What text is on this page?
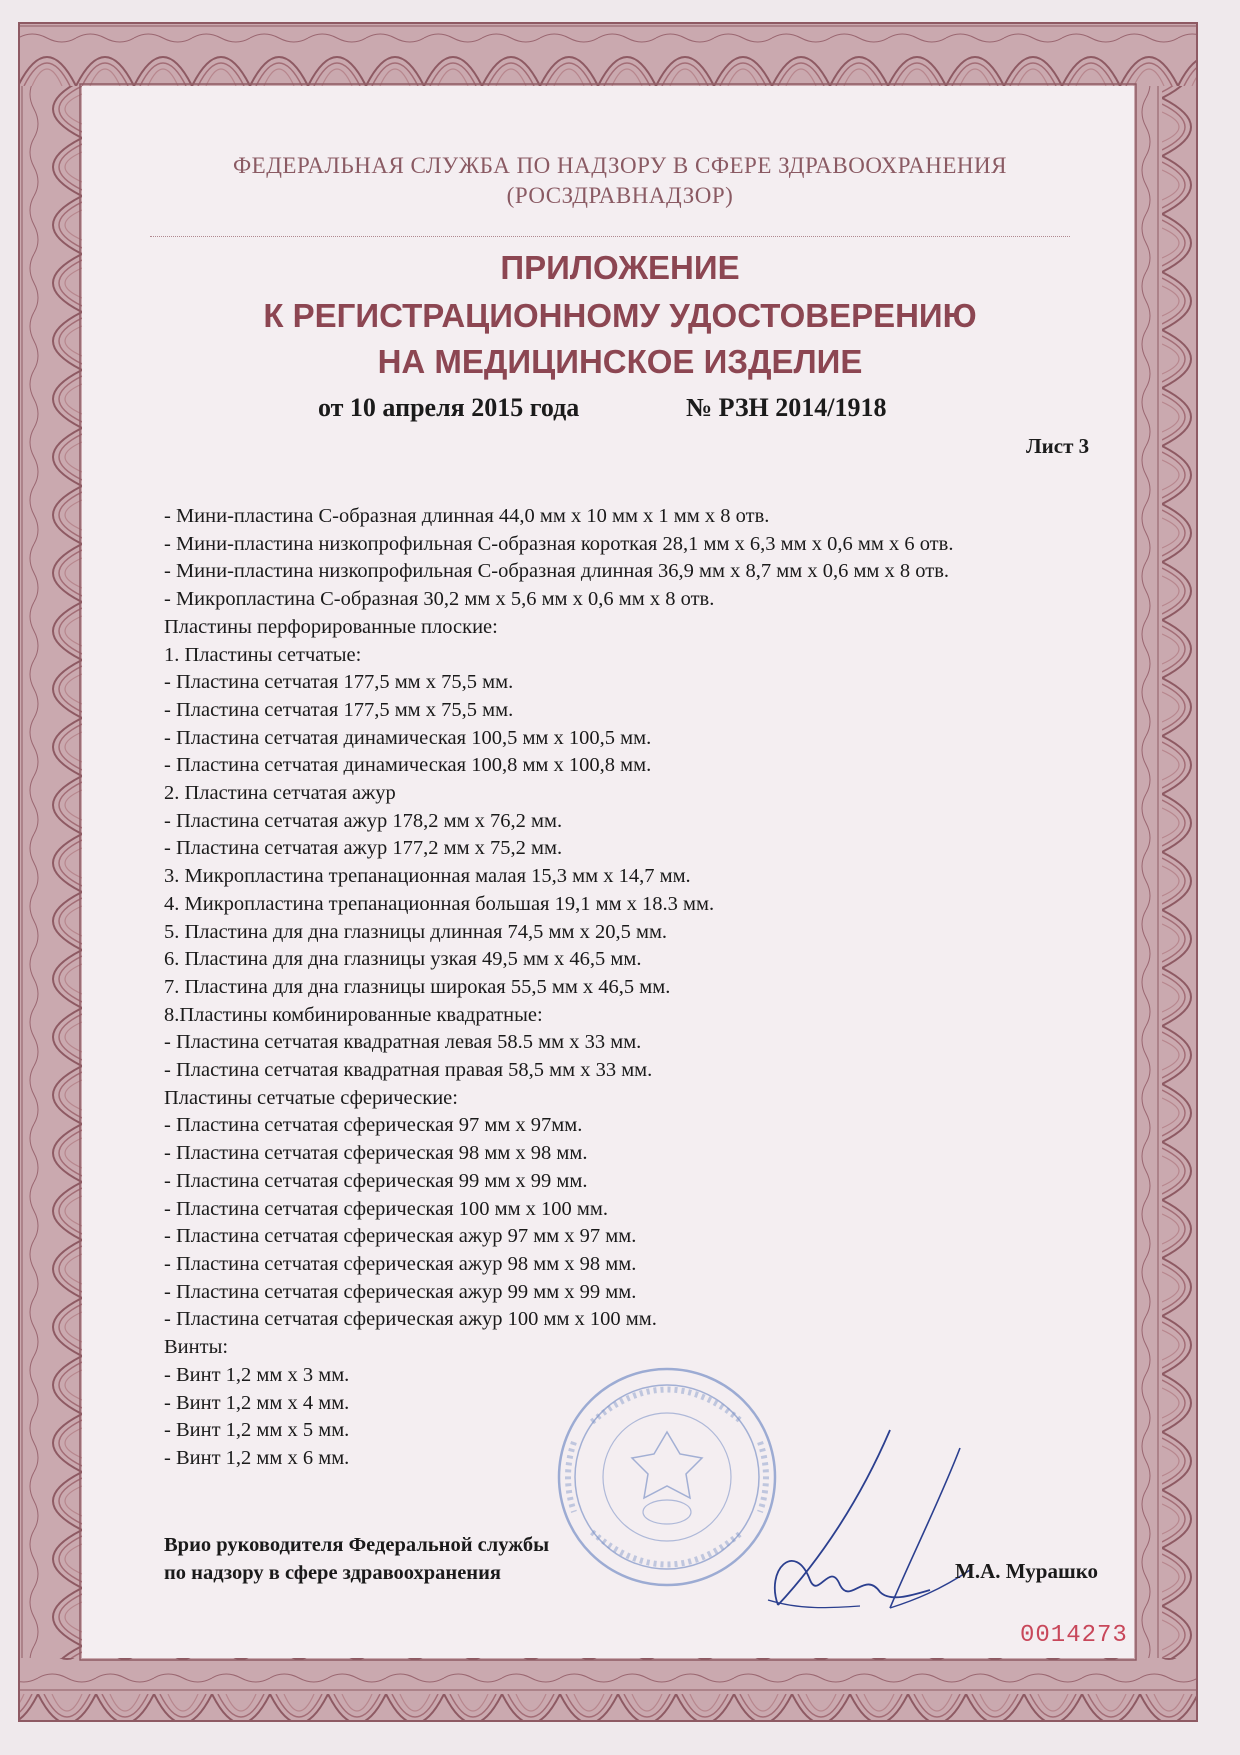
ФЕДЕРАЛЬНАЯ СЛУЖБА ПО НАДЗОРУ В СФЕРЕ ЗДРАВООХРАНЕНИЯ
(РОСЗДРАВНАДЗОР)
ПРИЛОЖЕНИЕ
К РЕГИСТРАЦИОННОМУ УДОСТОВЕРЕНИЮ
НА МЕДИЦИНСКОЕ ИЗДЕЛИЕ
от 10 апреля 2015 года	№ РЗН 2014/1918
Лист 3
- Мини-пластина С-образная длинная 44,0 мм х 10 мм х 1 мм х 8 отв.
- Мини-пластина низкопрофильная С-образная короткая 28,1 мм х 6,3 мм х 0,6 мм х 6 отв.
- Мини-пластина низкопрофильная С-образная длинная 36,9 мм х 8,7 мм х 0,6 мм х 8 отв.
- Микропластина С-образная 30,2 мм х 5,6 мм х 0,6 мм х 8 отв.
Пластины перфорированные плоские:
1. Пластины сетчатые:
- Пластина сетчатая 177,5 мм х 75,5 мм.
- Пластина сетчатая 177,5 мм х 75,5 мм.
- Пластина сетчатая динамическая 100,5 мм х 100,5 мм.
- Пластина сетчатая динамическая 100,8 мм х 100,8 мм.
2. Пластина сетчатая ажур
- Пластина сетчатая ажур 178,2 мм х 76,2 мм.
- Пластина сетчатая ажур 177,2 мм х 75,2 мм.
3. Микропластина трепанационная малая 15,3 мм х 14,7 мм.
4. Микропластина трепанационная большая 19,1 мм х 18.3 мм.
5. Пластина для дна глазницы длинная 74,5 мм х 20,5 мм.
6. Пластина для дна глазницы узкая 49,5 мм х 46,5 мм.
7. Пластина для дна глазницы широкая 55,5 мм х 46,5 мм.
8.Пластины комбинированные квадратные:
- Пластина сетчатая квадратная левая 58.5 мм х 33 мм.
- Пластина сетчатая квадратная правая 58,5 мм х 33 мм.
Пластины сетчатые сферические:
- Пластина сетчатая сферическая 97 мм х 97мм.
- Пластина сетчатая сферическая 98 мм х 98 мм.
- Пластина сетчатая сферическая 99 мм х 99 мм.
- Пластина сетчатая сферическая 100 мм х 100 мм.
- Пластина сетчатая сферическая ажур 97 мм х 97 мм.
- Пластина сетчатая сферическая ажур 98 мм х 98 мм.
- Пластина сетчатая сферическая ажур 99 мм х 99 мм.
- Пластина сетчатая сферическая ажур 100 мм х 100 мм.
Винты:
- Винт 1,2 мм х 3 мм.
- Винт 1,2 мм х 4 мм.
- Винт 1,2 мм х 5 мм.
- Винт 1,2 мм х 6 мм.
Врио руководителя Федеральной службы
по надзору в сфере здравоохранения	М.А. Мурашко
0014273
